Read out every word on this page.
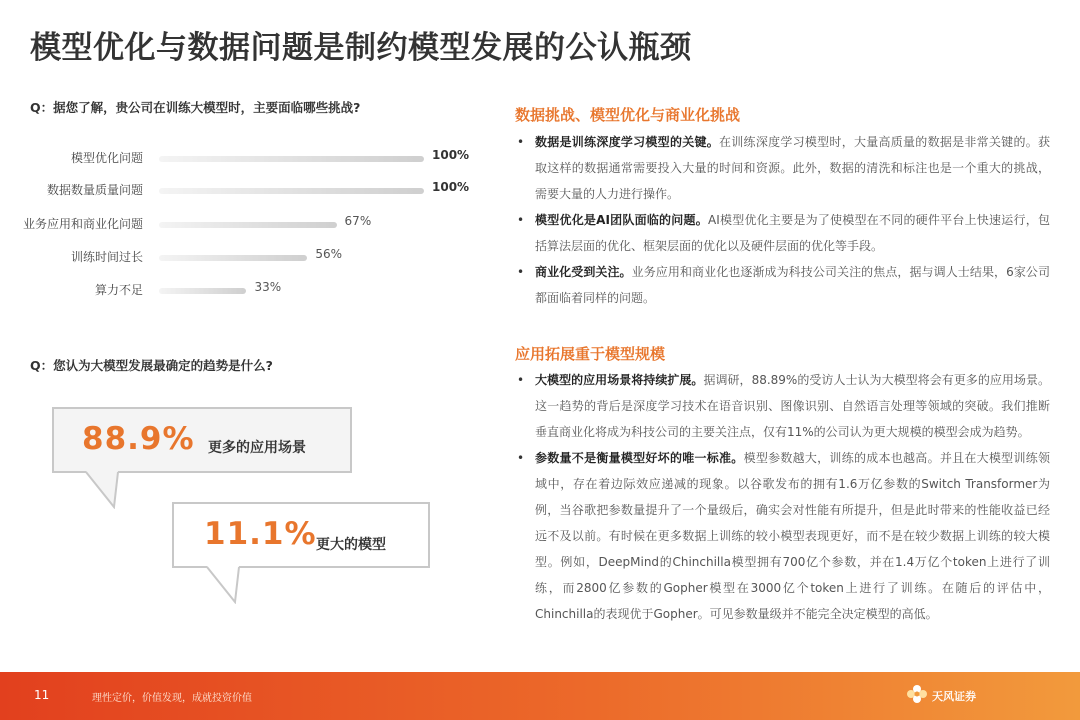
模型优化与数据问题是制约模型发展的公认瓶颈
Q：据您了解，贵公司在训练大模型时，主要面临哪些挑战?
模型优化问题	100%
数据数量质量问题	100%
业务应用和商业化问题	67%
训练时间过长	56%
算力不足	33%
Q：您认为大模型发展最确定的趋势是什么?
88.9% 更多的应用场景
11.1% 更大的模型
数据挑战、模型优化与商业化挑战
• 数据是训练深度学习模型的关键。在训练深度学习模型时，大量高质量的数据是非常关键的。获取这样的数据通常需要投入大量的时间和资源。此外，数据的清洗和标注也是一个重大的挑战，需要大量的人力进行操作。
• 模型优化是AI团队面临的问题。AI模型优化主要是为了使模型在不同的硬件平台上快速运行，包括算法层面的优化、框架层面的优化以及硬件层面的优化等手段。
• 商业化受到关注。业务应用和商业化也逐渐成为科技公司关注的焦点，据与调人士结果，6家公司都面临着同样的问题。
应用拓展重于模型规模
• 大模型的应用场景将持续扩展。据调研，88.89%的受访人士认为大模型将会有更多的应用场景。这一趋势的背后是深度学习技术在语音识别、图像识别、自然语言处理等领域的突破。我们推断垂直商业化将成为科技公司的主要关注点，仅有11%的公司认为更大规模的模型会成为趋势。
• 参数量不是衡量模型好坏的唯一标准。模型参数越大，训练的成本也越高。并且在大模型训练领域中，存在着边际效应递减的现象。以谷歌发布的拥有1.6万亿参数的Switch Transformer为例，当谷歌把参数量提升了一个量级后，确实会对性能有所提升，但是此时带来的性能收益已经远不及以前。有时候在更多数据上训练的较小模型表现更好，而不是在较少数据上训练的较大模型。例如，DeepMind的Chinchilla模型拥有700亿个参数，并在1.4万亿个token上进行了训练，而2800亿参数的Gopher模型在3000亿个token上进行了训练。在随后的评估中，Chinchilla的表现优于Gopher。可见参数量级并不能完全决定模型的高低。
11	理性定价，价值发现，成就投资价值	天风证券
